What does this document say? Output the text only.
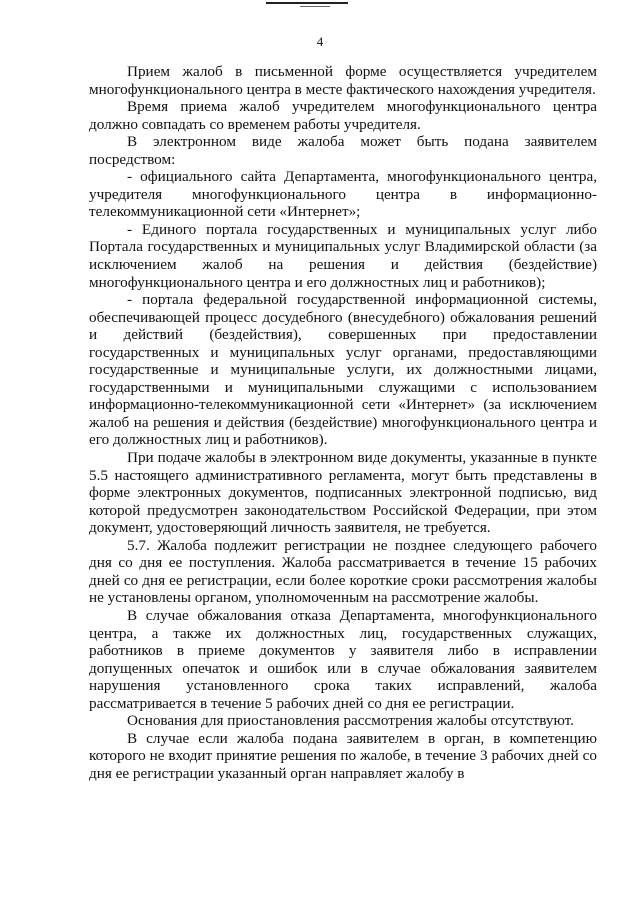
4

Прием жалоб в письменной форме осуществляется учредителем многофункционального центра в месте фактического нахождения учредителя.

Время приема жалоб учредителем многофункционального центра должно совпадать со временем работы учредителя.

В электронном виде жалоба может быть подана заявителем посредством:

- официального сайта Департамента, многофункционального центра, учредителя многофункционального центра в информационно-телекоммуникационной сети «Интернет»;

- Единого портала государственных и муниципальных услуг либо Портала государственных и муниципальных услуг Владимирской области (за исключением жалоб на решения и действия (бездействие) многофункционального центра и его должностных лиц и работников);

- портала федеральной государственной информационной системы, обеспечивающей процесс досудебного (внесудебного) обжалования решений и действий (бездействия), совершенных при предоставлении государственных и муниципальных услуг органами, предоставляющими государственные и муниципальные услуги, их должностными лицами, государственными и муниципальными служащими с использованием информационно-телекоммуникационной сети «Интернет» (за исключением жалоб на решения и действия (бездействие) многофункционального центра и его должностных лиц и работников).

При подаче жалобы в электронном виде документы, указанные в пункте 5.5 настоящего административного регламента, могут быть представлены в форме электронных документов, подписанных электронной подписью, вид которой предусмотрен законодательством Российской Федерации, при этом документ, удостоверяющий личность заявителя, не требуется.

5.7. Жалоба подлежит регистрации не позднее следующего рабочего дня со дня ее поступления. Жалоба рассматривается в течение 15 рабочих дней со дня ее регистрации, если более короткие сроки рассмотрения жалобы не установлены органом, уполномоченным на рассмотрение жалобы.

В случае обжалования отказа Департамента, многофункционального центра, а также их должностных лиц, государственных служащих, работников в приеме документов у заявителя либо в исправлении допущенных опечаток и ошибок или в случае обжалования заявителем нарушения установленного срока таких исправлений, жалоба рассматривается в течение 5 рабочих дней со дня ее регистрации.

Основания для приостановления рассмотрения жалобы отсутствуют.

В случае если жалоба подана заявителем в орган, в компетенцию которого не входит принятие решения по жалобе, в течение 3 рабочих дней со дня ее регистрации указанный орган направляет жалобу в
